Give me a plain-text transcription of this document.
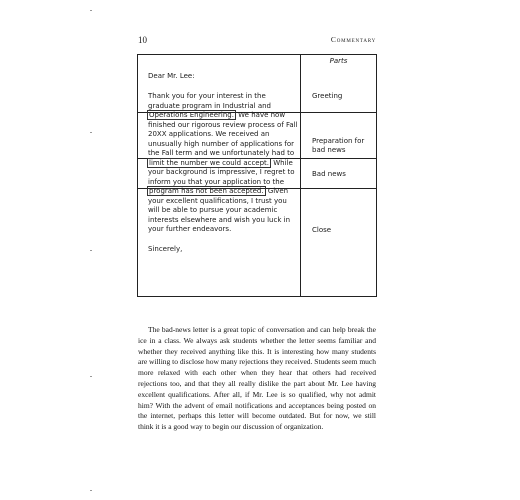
10	Commentary
Parts
Greeting
Preparation for
bad news
Bad news
Close
Dear Mr. Lee:
Thank you for your interest in the
graduate program in Industrial and
Operations Engineering. We have now
finished our rigorous review process of Fall
20XX applications. We received an
unusually high number of applications for
the Fall term and we unfortunately had to
limit the number we could accept. While
your background is impressive, I regret to
inform you that your application to the
program has not been accepted. Given
your excellent qualifications, I trust you
will be able to pursue your academic
interests elsewhere and wish you luck in
your further endeavors.
Sincerely,

The bad-news letter is a great topic of conversation and can help break the ice in a class. We always ask students whether the letter seems familiar and whether they received anything like this. It is interesting how many students are willing to disclose how many rejections they received. Students seem much more relaxed with each other when they hear that others had received rejections too, and that they all really dislike the part about Mr. Lee having excellent qualifications. After all, if Mr. Lee is so qualified, why not admit him? With the advent of email notifications and acceptances being posted on the internet, perhaps this letter will become outdated. But for now, we still think it is a good way to begin our discussion of organization.
